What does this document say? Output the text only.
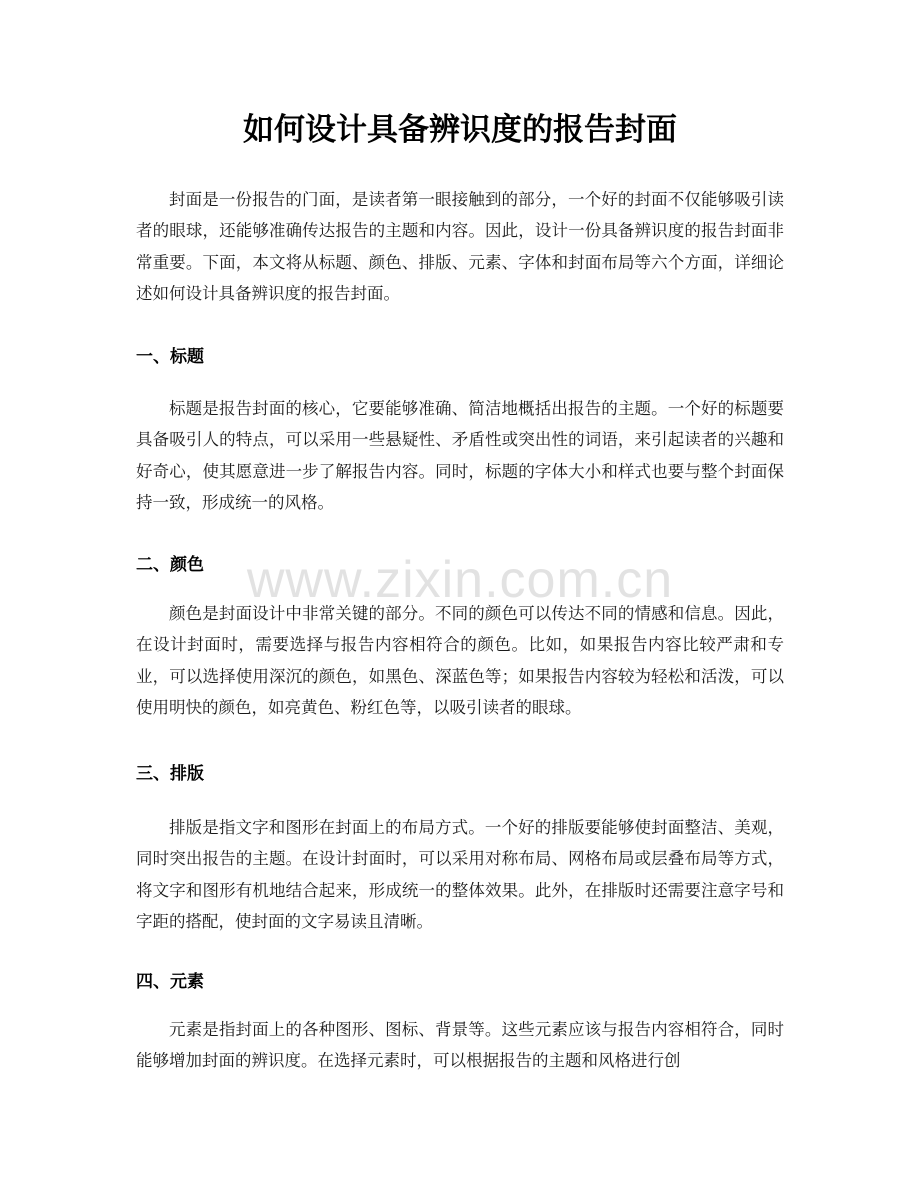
如何设计具备辨识度的报告封面

封面是一份报告的门面，是读者第一眼接触到的部分，一个好的封面不仅能够吸引读者的眼球，还能够准确传达报告的主题和内容。因此，设计一份具备辨识度的报告封面非常重要。下面，本文将从标题、颜色、排版、元素、字体和封面布局等六个方面，详细论述如何设计具备辨识度的报告封面。

一、标题

标题是报告封面的核心，它要能够准确、简洁地概括出报告的主题。一个好的标题要具备吸引人的特点，可以采用一些悬疑性、矛盾性或突出性的词语，来引起读者的兴趣和好奇心，使其愿意进一步了解报告内容。同时，标题的字体大小和样式也要与整个封面保持一致，形成统一的风格。

二、颜色

颜色是封面设计中非常关键的部分。不同的颜色可以传达不同的情感和信息。因此，在设计封面时，需要选择与报告内容相符合的颜色。比如，如果报告内容比较严肃和专业，可以选择使用深沉的颜色，如黑色、深蓝色等；如果报告内容较为轻松和活泼，可以使用明快的颜色，如亮黄色、粉红色等，以吸引读者的眼球。

三、排版

排版是指文字和图形在封面上的布局方式。一个好的排版要能够使封面整洁、美观，同时突出报告的主题。在设计封面时，可以采用对称布局、网格布局或层叠布局等方式，将文字和图形有机地结合起来，形成统一的整体效果。此外，在排版时还需要注意字号和字距的搭配，使封面的文字易读且清晰。

四、元素

元素是指封面上的各种图形、图标、背景等。这些元素应该与报告内容相符合，同时能够增加封面的辨识度。在选择元素时，可以根据报告的主题和风格进行创

www.zixin.com.cn
